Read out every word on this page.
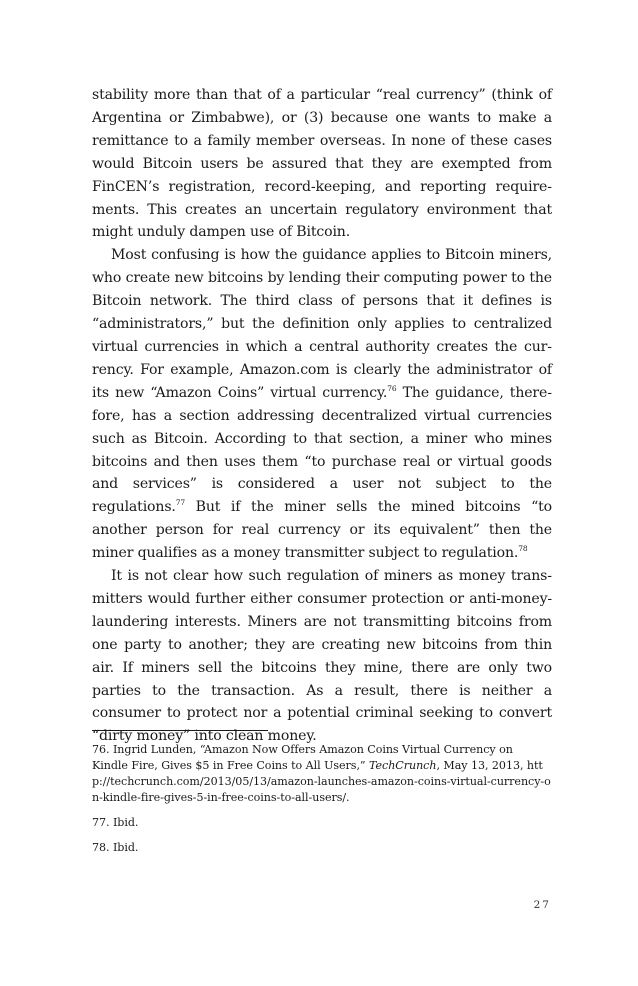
stability more than that of a particular “real currency” (think of Argentina or Zimbabwe), or (3) because one wants to make a remittance to a family member overseas. In none of these cases would Bitcoin users be assured that they are exempted from FinCEN’s registration, record-keeping, and reporting requirements. This creates an uncertain regulatory environment that might unduly dampen use of Bitcoin.

Most confusing is how the guidance applies to Bitcoin miners, who create new bitcoins by lending their computing power to the Bitcoin network. The third class of persons that it defines is “administrators,” but the definition only applies to centralized virtual currencies in which a central authority creates the currency. For example, Amazon.com is clearly the administrator of its new “Amazon Coins” virtual currency.$^{76}$ The guidance, therefore, has a section addressing decentralized virtual currencies such as Bitcoin. According to that section, a miner who mines bitcoins and then uses them “to purchase real or virtual goods and services” is considered a user not subject to the regulations.$^{77}$ But if the miner sells the mined bitcoins “to another person for real currency or its equivalent” then the miner qualifies as a money transmitter subject to regulation.$^{78}$

It is not clear how such regulation of miners as money transmitters would further either consumer protection or anti-money-laundering interests. Miners are not transmitting bitcoins from one party to another; they are creating new bitcoins from thin air. If miners sell the bitcoins they mine, there are only two parties to the transaction. As a result, there is neither a consumer to protect nor a potential criminal seeking to convert “dirty money” into clean money.

76. Ingrid Lunden, “Amazon Now Offers Amazon Coins Virtual Currency on Kindle Fire, Gives $5 in Free Coins to All Users,” TechCrunch, May 13, 2013, http://techcrunch.com/2013/05/13/amazon-launches-amazon-coins-virtual-currency-on-kindle-fire-gives-5-in-free-coins-to-all-users/.

77. Ibid.

78. Ibid.

27
